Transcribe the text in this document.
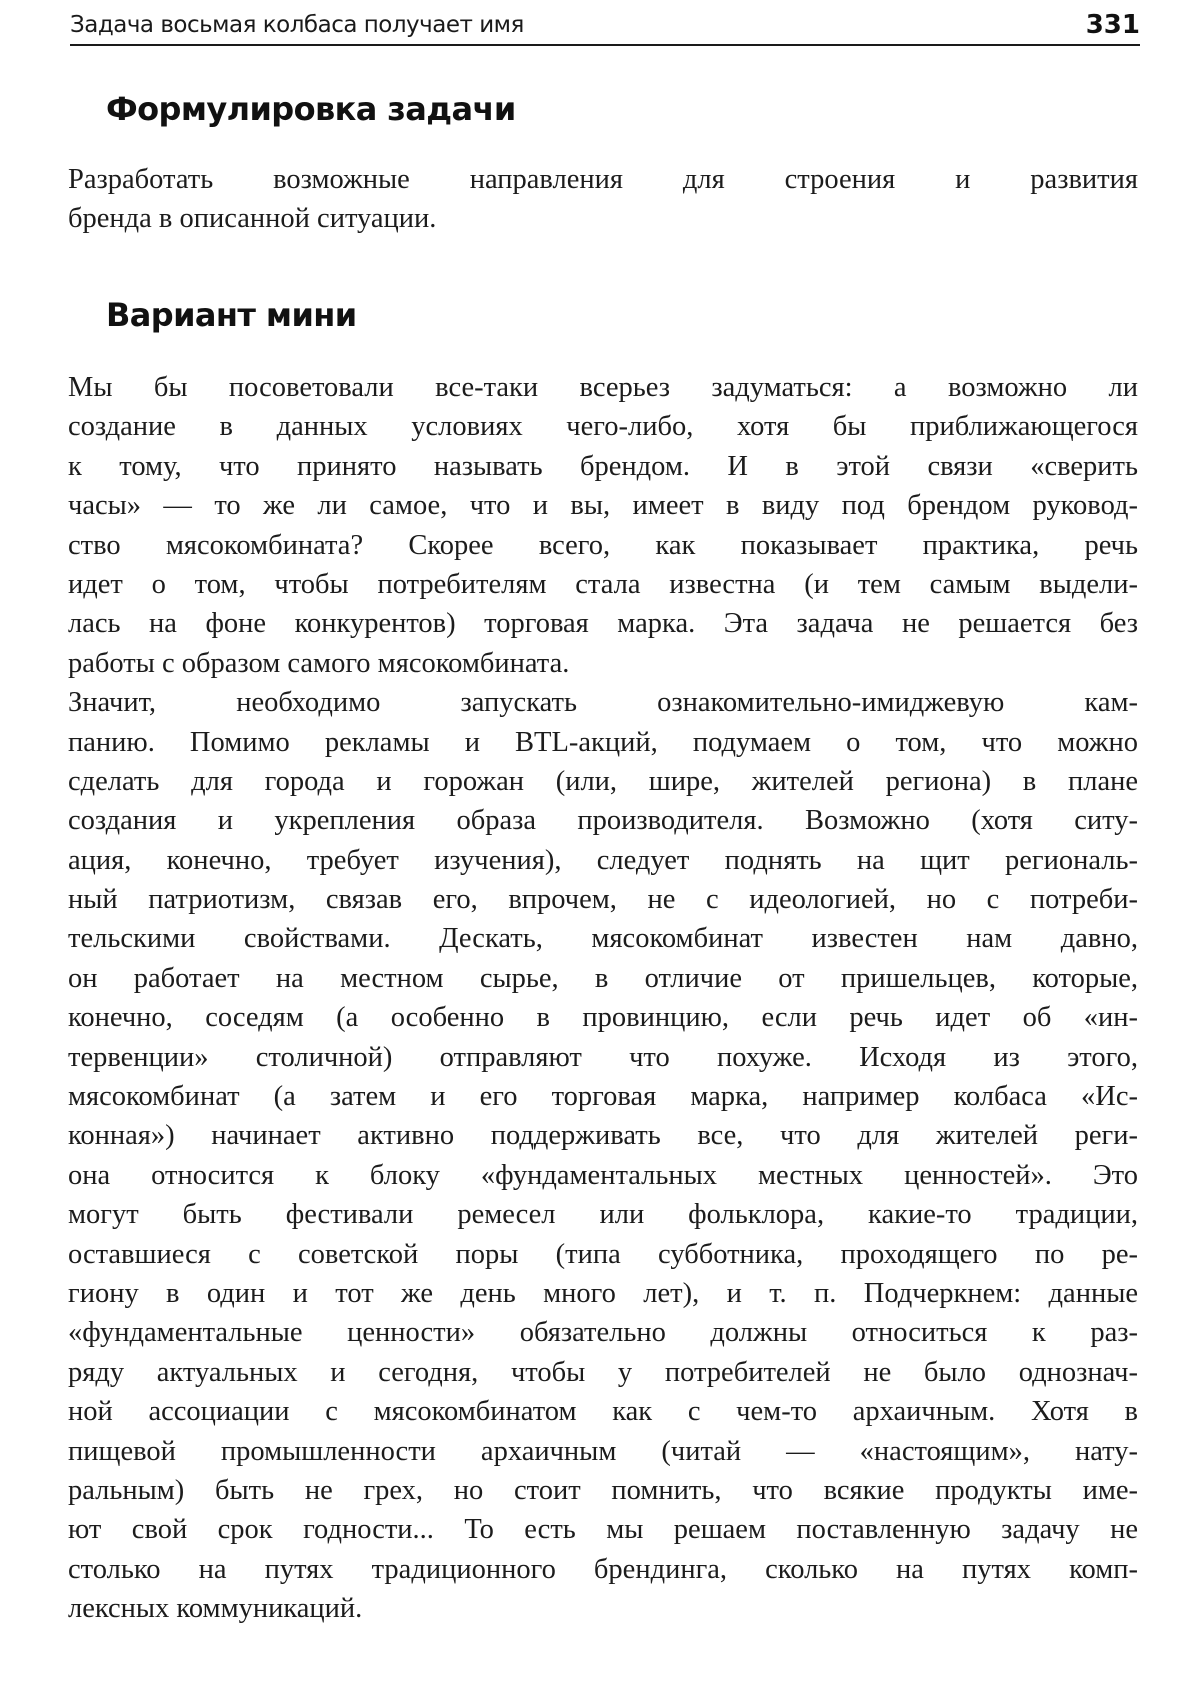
Задача восьмая колбаса получает имя	331
Формулировка задачи
Разработать возможные направления для строения и развития
бренда в описанной ситуации.
Вариант мини
Мы бы посоветовали все-таки всерьез задуматься: а возможно ли
создание в данных условиях чего-либо, хотя бы приближающегося
к тому, что принято называть брендом. И в этой связи «сверить
часы» — то же ли самое, что и вы, имеет в виду под брендом руковод-
ство мясокомбината? Скорее всего, как показывает практика, речь
идет о том, чтобы потребителям стала известна (и тем самым выдели-
лась на фоне конкурентов) торговая марка. Эта задача не решается без
работы с образом самого мясокомбината.
Значит, необходимо запускать ознакомительно-имиджевую кам-
панию. Помимо рекламы и BTL-акций, подумаем о том, что можно
сделать для города и горожан (или, шире, жителей региона) в плане
создания и укрепления образа производителя. Возможно (хотя ситу-
ация, конечно, требует изучения), следует поднять на щит региональ-
ный патриотизм, связав его, впрочем, не с идеологией, но с потреби-
тельскими свойствами. Дескать, мясокомбинат известен нам давно,
он работает на местном сырье, в отличие от пришельцев, которые,
конечно, соседям (а особенно в провинцию, если речь идет об «ин-
тервенции» столичной) отправляют что похуже. Исходя из этого,
мясокомбинат (а затем и его торговая марка, например колбаса «Ис-
конная») начинает активно поддерживать все, что для жителей реги-
она относится к блоку «фундаментальных местных ценностей». Это
могут быть фестивали ремесел или фольклора, какие-то традиции,
оставшиеся с советской поры (типа субботника, проходящего по ре-
гиону в один и тот же день много лет), и т. п. Подчеркнем: данные
«фундаментальные ценности» обязательно должны относиться к раз-
ряду актуальных и сегодня, чтобы у потребителей не было однознач-
ной ассоциации с мясокомбинатом как с чем-то архаичным. Хотя в
пищевой промышленности архаичным (читай — «настоящим», нату-
ральным) быть не грех, но стоит помнить, что всякие продукты име-
ют свой срок годности... То есть мы решаем поставленную задачу не
столько на путях традиционного брендинга, сколько на путях комп-
лексных коммуникаций.
